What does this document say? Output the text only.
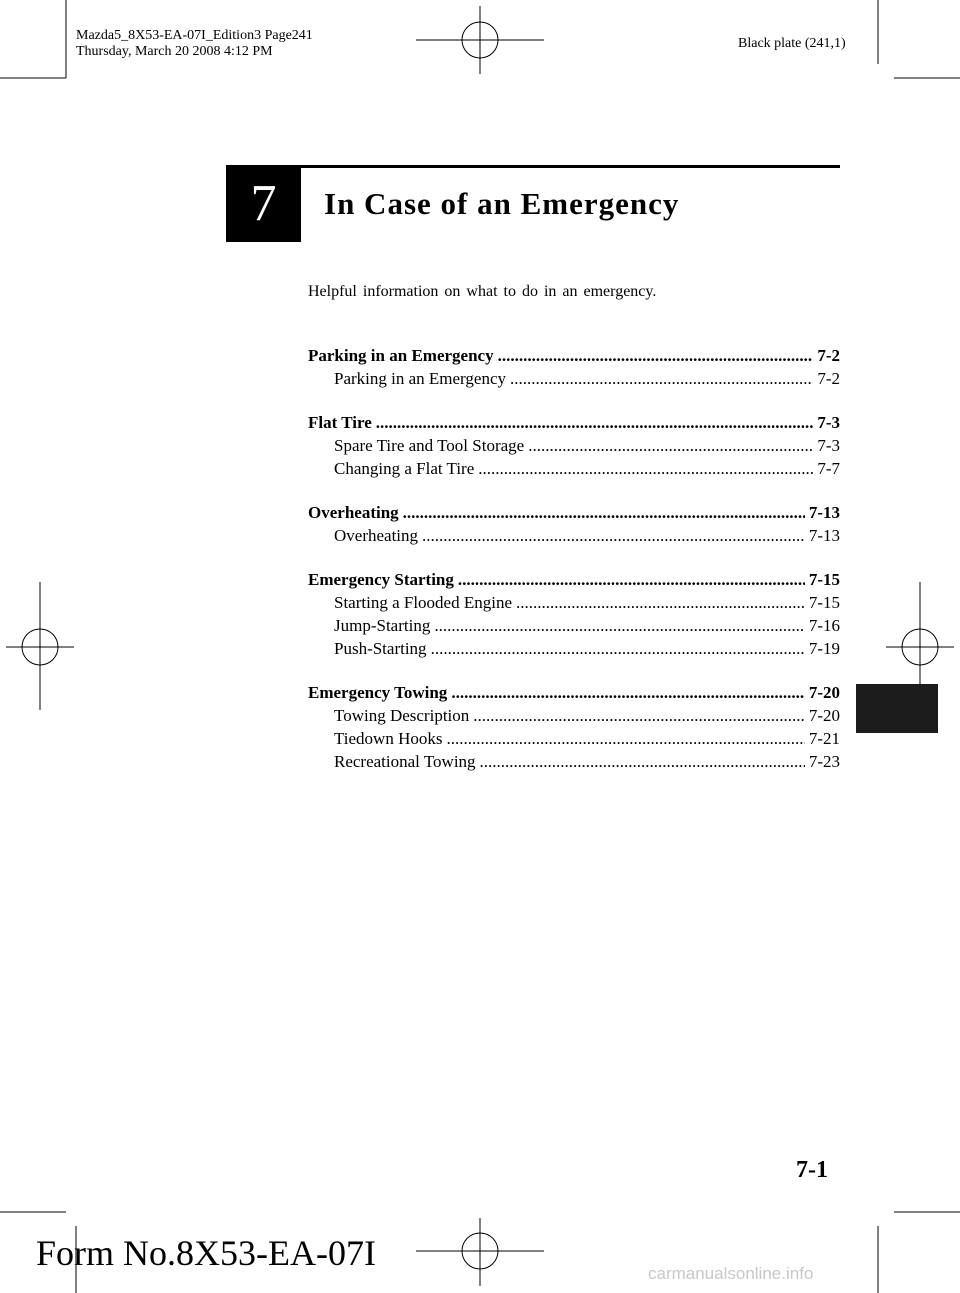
Mazda5_8X53-EA-07I_Edition3 Page241
Thursday, March 20 2008 4:12 PM
Black plate (241,1)
7	In Case of an Emergency
Helpful information on what to do in an emergency.
Parking in an Emergency .....	7-2
Parking in an Emergency .....	7-2
Flat Tire .....	7-3
Spare Tire and Tool Storage .....	7-3
Changing a Flat Tire .....	7-7
Overheating .....	7-13
Overheating .....	7-13
Emergency Starting .....	7-15
Starting a Flooded Engine .....	7-15
Jump-Starting .....	7-16
Push-Starting .....	7-19
Emergency Towing .....	7-20
Towing Description .....	7-20
Tiedown Hooks .....	7-21
Recreational Towing .....	7-23
7-1
Form No.8X53-EA-07I
carmanualsonline.info
